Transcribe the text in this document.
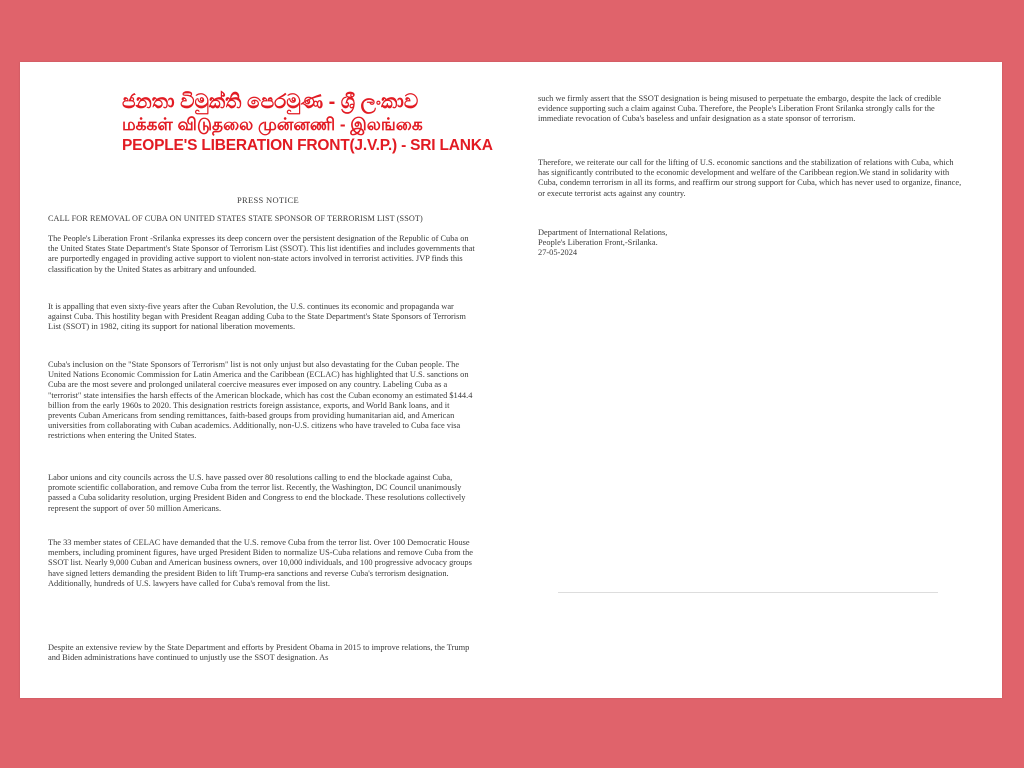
ජනතා විමුක්ති පෙරමුණ - ශ්‍රී ලංකාව
மக்கள் விடுதலை முன்னணி - இலங்கை
PEOPLE'S LIBERATION FRONT(J.V.P.) - SRI LANKA
PRESS NOTICE
CALL FOR REMOVAL OF CUBA ON UNITED STATES STATE SPONSOR OF TERRORISM LIST (SSOT)

The People's Liberation Front -Srilanka expresses its deep concern over the persistent designation of the Republic of Cuba on the United States State Department's State Sponsor of Terrorism List (SSOT). This list identifies and includes governments that are purportedly engaged in providing active support to violent non-state actors involved in terrorist activities. JVP finds this classification by the United States as arbitrary and unfounded.

It is appalling that even sixty-five years after the Cuban Revolution, the U.S. continues its economic and propaganda war against Cuba. This hostility began with President Reagan adding Cuba to the State Department's State Sponsors of Terrorism List (SSOT) in 1982, citing its support for national liberation movements.

Cuba's inclusion on the "State Sponsors of Terrorism" list is not only unjust but also devastating for the Cuban people. The United Nations Economic Commission for Latin America and the Caribbean (ECLAC) has highlighted that U.S. sanctions on Cuba are the most severe and prolonged unilateral coercive measures ever imposed on any country. Labeling Cuba as a "terrorist" state intensifies the harsh effects of the American blockade, which has cost the Cuban economy an estimated $144.4 billion from the early 1960s to 2020. This designation restricts foreign assistance, exports, and World Bank loans, and it prevents Cuban Americans from sending remittances, faith-based groups from providing humanitarian aid, and American universities from collaborating with Cuban academics. Additionally, non-U.S. citizens who have traveled to Cuba face visa restrictions when entering the United States.

Labor unions and city councils across the U.S. have passed over 80 resolutions calling to end the blockade against Cuba, promote scientific collaboration, and remove Cuba from the terror list. Recently, the Washington, DC Council unanimously passed a Cuba solidarity resolution, urging President Biden and Congress to end the blockade. These resolutions collectively represent the support of over 50 million Americans.

The 33 member states of CELAC have demanded that the U.S. remove Cuba from the terror list. Over 100 Democratic House members, including prominent figures, have urged President Biden to normalize US-Cuba relations and remove Cuba from the SSOT list. Nearly 9,000 Cuban and American business owners, over 10,000 individuals, and 100 progressive advocacy groups have signed letters demanding the president Biden to lift Trump-era sanctions and reverse Cuba's terrorism designation. Additionally, hundreds of U.S. lawyers have called for Cuba's removal from the list.

Despite an extensive review by the State Department and efforts by President Obama in 2015 to improve relations, the Trump and Biden administrations have continued to unjustly use the SSOT designation. As

such we firmly assert that the SSOT designation is being misused to perpetuate the embargo, despite the lack of credible evidence supporting such a claim against Cuba. Therefore, the People's Liberation Front Srilanka strongly calls for the immediate revocation of Cuba's baseless and unfair designation as a state sponsor of terrorism.

Therefore, we reiterate our call for the lifting of U.S. economic sanctions and the stabilization of relations with Cuba, which has significantly contributed to the economic development and welfare of the Caribbean region.We stand in solidarity with Cuba, condemn terrorism in all its forms, and reaffirm our strong support for Cuba, which has never used to organize, finance, or execute terrorist acts against any country.

Department of International Relations,
People's Liberation Front,-Srilanka.
27-05-2024
